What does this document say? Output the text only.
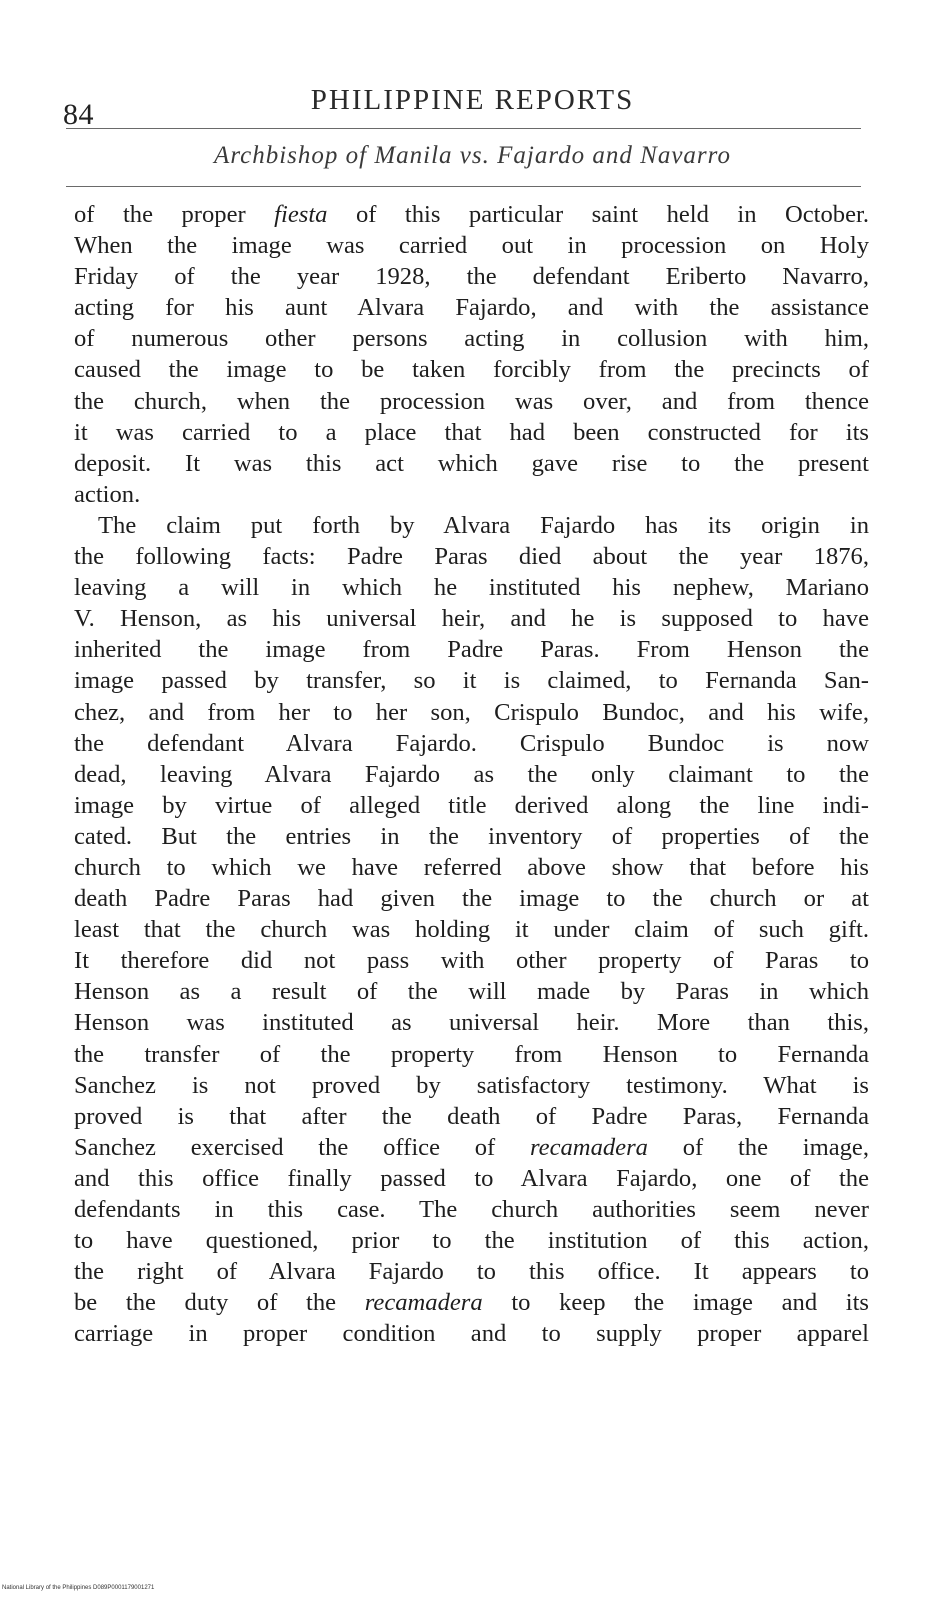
84	PHILIPPINE REPORTS
Archbishop of Manila vs. Fajardo and Navarro
of the proper fiesta of this particular saint held in October.
When the image was carried out in procession on Holy
Friday of the year 1928, the defendant Eriberto Navarro,
acting for his aunt Alvara Fajardo, and with the assistance
of numerous other persons acting in collusion with him,
caused the image to be taken forcibly from the precincts of
the church, when the procession was over, and from thence
it was carried to a place that had been constructed for its
deposit. It was this act which gave rise to the present
action.
The claim put forth by Alvara Fajardo has its origin in
the following facts: Padre Paras died about the year 1876,
leaving a will in which he instituted his nephew, Mariano
V. Henson, as his universal heir, and he is supposed to have
inherited the image from Padre Paras. From Henson the
image passed by transfer, so it is claimed, to Fernanda San-
chez, and from her to her son, Crispulo Bundoc, and his wife,
the defendant Alvara Fajardo. Crispulo Bundoc is now
dead, leaving Alvara Fajardo as the only claimant to the
image by virtue of alleged title derived along the line indi-
cated. But the entries in the inventory of properties of the
church to which we have referred above show that before his
death Padre Paras had given the image to the church or at
least that the church was holding it under claim of such gift.
It therefore did not pass with other property of Paras to
Henson as a result of the will made by Paras in which
Henson was instituted as universal heir. More than this,
the transfer of the property from Henson to Fernanda
Sanchez is not proved by satisfactory testimony. What is
proved is that after the death of Padre Paras, Fernanda
Sanchez exercised the office of recamadera of the image,
and this office finally passed to Alvara Fajardo, one of the
defendants in this case. The church authorities seem never
to have questioned, prior to the institution of this action,
the right of Alvara Fajardo to this office. It appears to
be the duty of the recamadera to keep the image and its
carriage in proper condition and to supply proper apparel
National Library of the Philippines D089P0001179001271
